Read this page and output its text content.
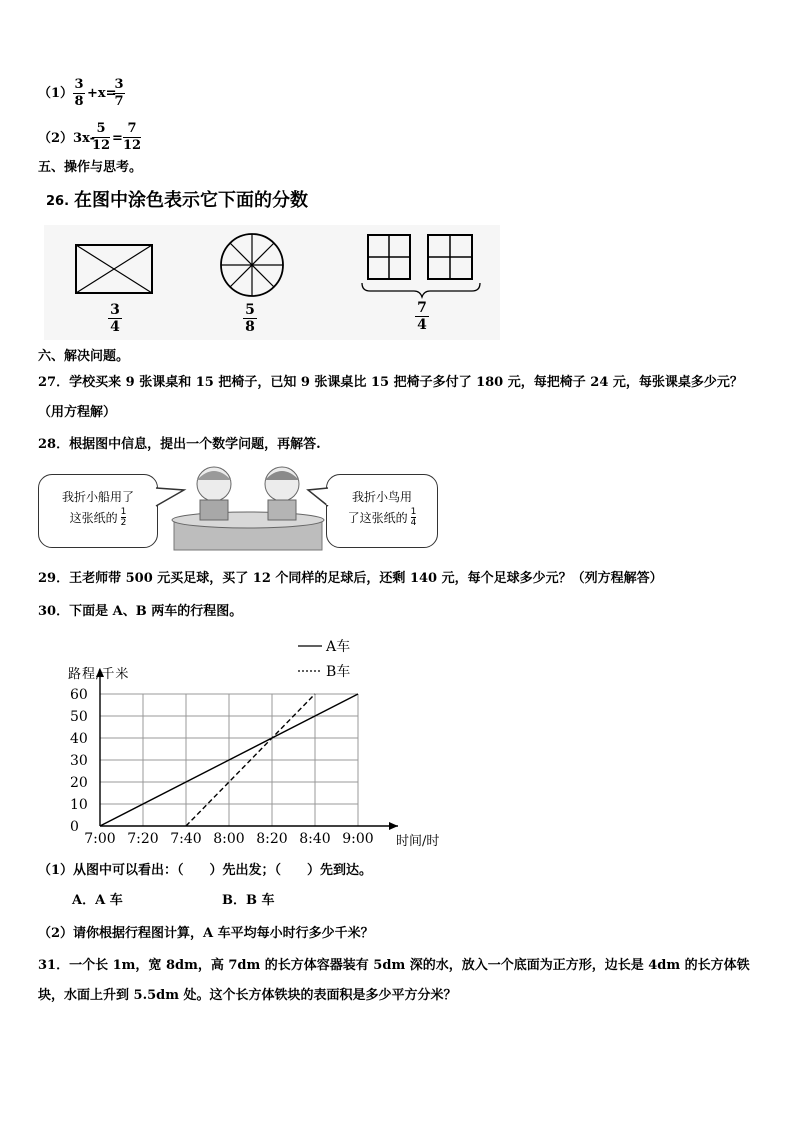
（1）
3
8
+x=
3
7
（2）3x-
5
12 =
7
12
五、操作与思考。
26. 在图中涂色表示它下面的分数
3
4
5
8
7
4
六、解决问题。
27．学校买来 9 张课桌和 15 把椅子，已知 9 张课桌比 15 把椅子多付了 180 元，每把椅子 24 元，每张课桌多少元？
（用方程解）
28．根据图中信息，提出一个数学问题，再解答.
我折小船用了
这张纸的 1
2
我折小鸟用
了这张纸的 1
4
29．王老师带 500 元买足球，买了 12 个同样的足球后，还剩 140 元，每个足球多少元？（列方程解答）
30．下面是 A、B 两车的行程图。
0
10
20
30
40
50
60
7:00 7:20 7:40 8:00 8:20 8:40 9:00
路程/千米
时间/时
A车
B车
（1）从图中可以看出：（　　）先出发；（　　）先到达。
A．A 车	B．B 车
（2）请你根据行程图计算，A 车平均每小时行多少千米？
31．一个长 1m，宽 8dm，高 7dm 的长方体容器装有 5dm 深的水，放入一个底面为正方形，边长是 4dm 的长方体铁
块，水面上升到 5.5dm 处。这个长方体铁块的表面积是多少平方分米？
